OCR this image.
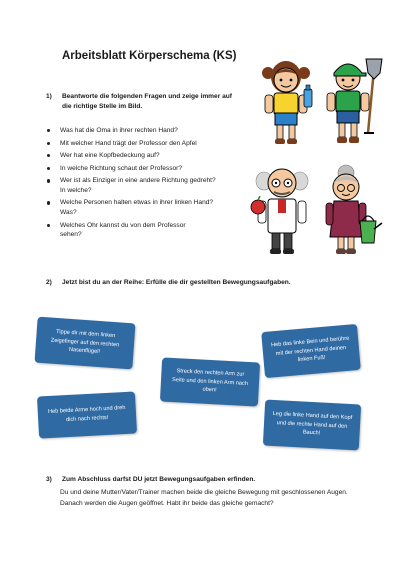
Arbeitsblatt Körperschema (KS)
1) Beantworte die folgenden Fragen und zeige immer auf die richtige Stelle im Bild.
Was hat die Oma in ihrer rechten Hand?
Mit welcher Hand trägt der Professor den Apfel
Wer hat eine Kopfbedeckung auf?
In welche Richtung schaut der Professor?
Wer ist als Einziger in eine andere Richtung gedreht? In welche?
Welche Personen halten etwas in ihrer linken Hand? Was?
Welches Ohr kannst du von dem Professor sehen?
2) Jetzt bist du an der Reihe: Erfülle die dir gestellten Bewegungsaufgaben.
Tippe dir mit dem linken Zeigefinger auf den rechten Nasenflügel!
Streck den rechten Arm zur Seite und den linken Arm nach oben!
Heb das linke Bein und berühre mit der rechten Hand deinen linken Fuß!
Heb beide Arme hoch und dreh dich nach rechts!	Leg die linke Hand auf den Kopf und die rechte Hand auf den Bauch!
3) Zum Abschluss darfst DU jetzt Bewegungsaufgaben erfinden.
Du und deine Mutter/Vater/Trainer machen beide die gleiche Bewegung mit geschlossenen Augen. Danach werden die Augen geöffnet. Habt ihr beide das gleiche gemacht?
